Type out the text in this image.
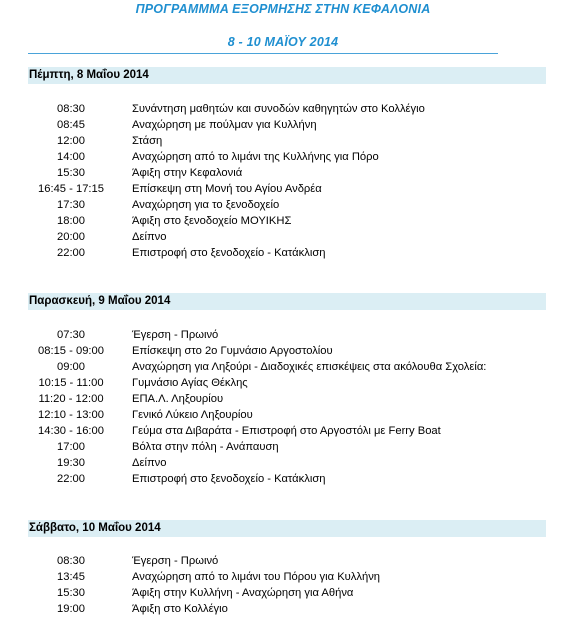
ΠΡΟΓΡΑΜΜΜΑ ΕΞΟΡΜΗΣΗΣ ΣΤΗΝ ΚΕΦΑΛΟΝΙΑ
8 - 10 ΜΑΪΟΥ 2014
Πέμπτη, 8 Μαΐου 2014
08:30	Συνάντηση μαθητών και συνοδών καθηγητών στο Κολλέγιο
08:45	Αναχώρηση με πούλμαν για Κυλλήνη
12:00	Στάση
14:00	Αναχώρηση από το λιμάνι της Κυλλήνης για Πόρο
15:30	Άφιξη στην Κεφαλονιά
16:45 - 17:15	Επίσκεψη στη Μονή του Αγίου Ανδρέα
17:30	Αναχώρηση για το ξενοδοχείο
18:00	Άφιξη στο ξενοδοχείο ΜΟΥΙΚΗΣ
20:00	Δείπνο
22:00	Επιστροφή στο ξενοδοχείο - Κατάκλιση
Παρασκευή, 9 Μαΐου 2014
07:30	Έγερση - Πρωινό
08:15 - 09:00	Επίσκεψη στο 2ο Γυμνάσιο Αργοστολίου
09:00	Αναχώρηση για Ληξούρι - Διαδοχικές επισκέψεις στα ακόλουθα Σχολεία:
10:15 - 11:00	Γυμνάσιο Αγίας Θέκλης
11:20 - 12:00	ΕΠΑ.Λ. Ληξουρίου
12:10 - 13:00	Γενικό Λύκειο Ληξουρίου
14:30 - 16:00	Γεύμα στα Διβαράτα - Επιστροφή στο Αργοστόλι με Ferry Boat
17:00	Βόλτα στην πόλη - Ανάπαυση
19:30	Δείπνο
22:00	Επιστροφή στο ξενοδοχείο - Κατάκλιση
Σάββατο, 10 Μαΐου 2014
08:30	Έγερση - Πρωινό
13:45	Αναχώρηση από το λιμάνι του Πόρου για Κυλλήνη
15:30	Άφιξη στην Κυλλήνη - Αναχώρηση για Αθήνα
19:00	Άφιξη στο Κολλέγιο
